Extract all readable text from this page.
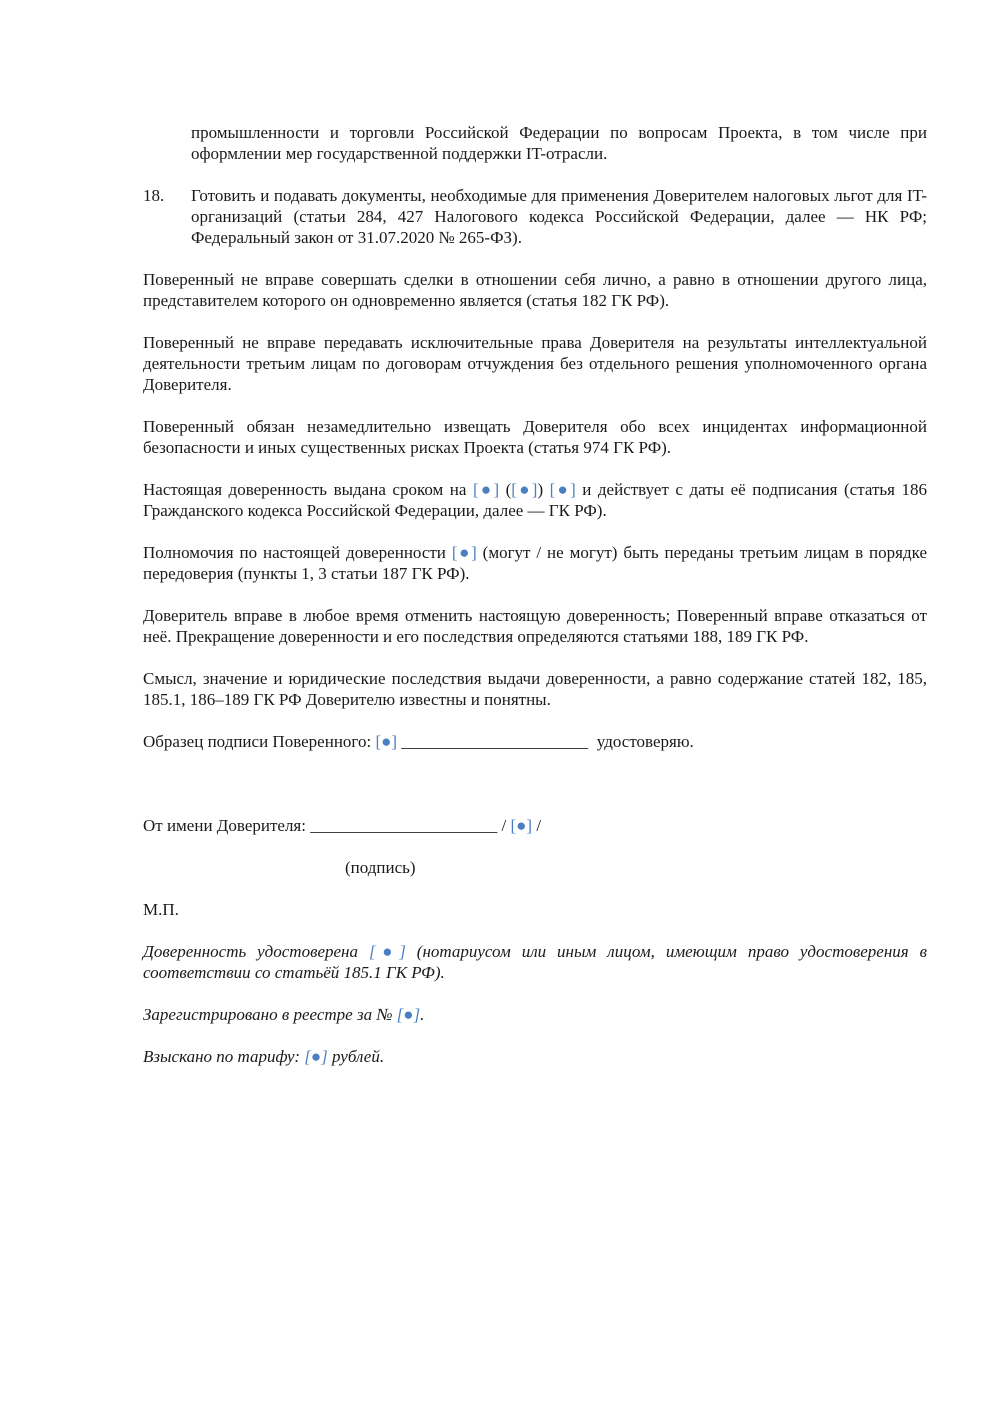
промышленности и торговли Российской Федерации по вопросам Проекта, в том числе при оформлении мер государственной поддержки IT-отрасли.

18.	Готовить и подавать документы, необходимые для применения Доверителем налоговых льгот для IT-организаций (статьи 284, 427 Налогового кодекса Российской Федерации, далее — НК РФ; Федеральный закон от 31.07.2020 № 265-ФЗ).

Поверенный не вправе совершать сделки в отношении себя лично, а равно в отношении другого лица, представителем которого он одновременно является (статья 182 ГК РФ).

Поверенный не вправе передавать исключительные права Доверителя на результаты интеллектуальной деятельности третьим лицам по договорам отчуждения без отдельного решения уполномоченного органа Доверителя.

Поверенный обязан незамедлительно извещать Доверителя обо всех инцидентах информационной безопасности и иных существенных рисках Проекта (статья 974 ГК РФ).

Настоящая доверенность выдана сроком на [●] ([●]) [●] и действует с даты её подписания (статья 186 Гражданского кодекса Российской Федерации, далее — ГК РФ).

Полномочия по настоящей доверенности [●] (могут / не могут) быть переданы третьим лицам в порядке передоверия (пункты 1, 3 статьи 187 ГК РФ).

Доверитель вправе в любое время отменить настоящую доверенность; Поверенный вправе отказаться от неё. Прекращение доверенности и его последствия определяются статьями 188, 189 ГК РФ.

Смысл, значение и юридические последствия выдачи доверенности, а равно содержание статей 182, 185, 185.1, 186–189 ГК РФ Доверителю известны и понятны.

Образец подписи Поверенного: [●] ______________________  удостоверяю.

От имени Доверителя: ______________________ / [●] /

(подпись)

М.П.

Доверенность удостоверена [●] (нотариусом или иным лицом, имеющим право удостоверения в соответствии со статьёй 185.1 ГК РФ).

Зарегистрировано в реестре за № [●].

Взыскано по тарифу: [●] рублей.
